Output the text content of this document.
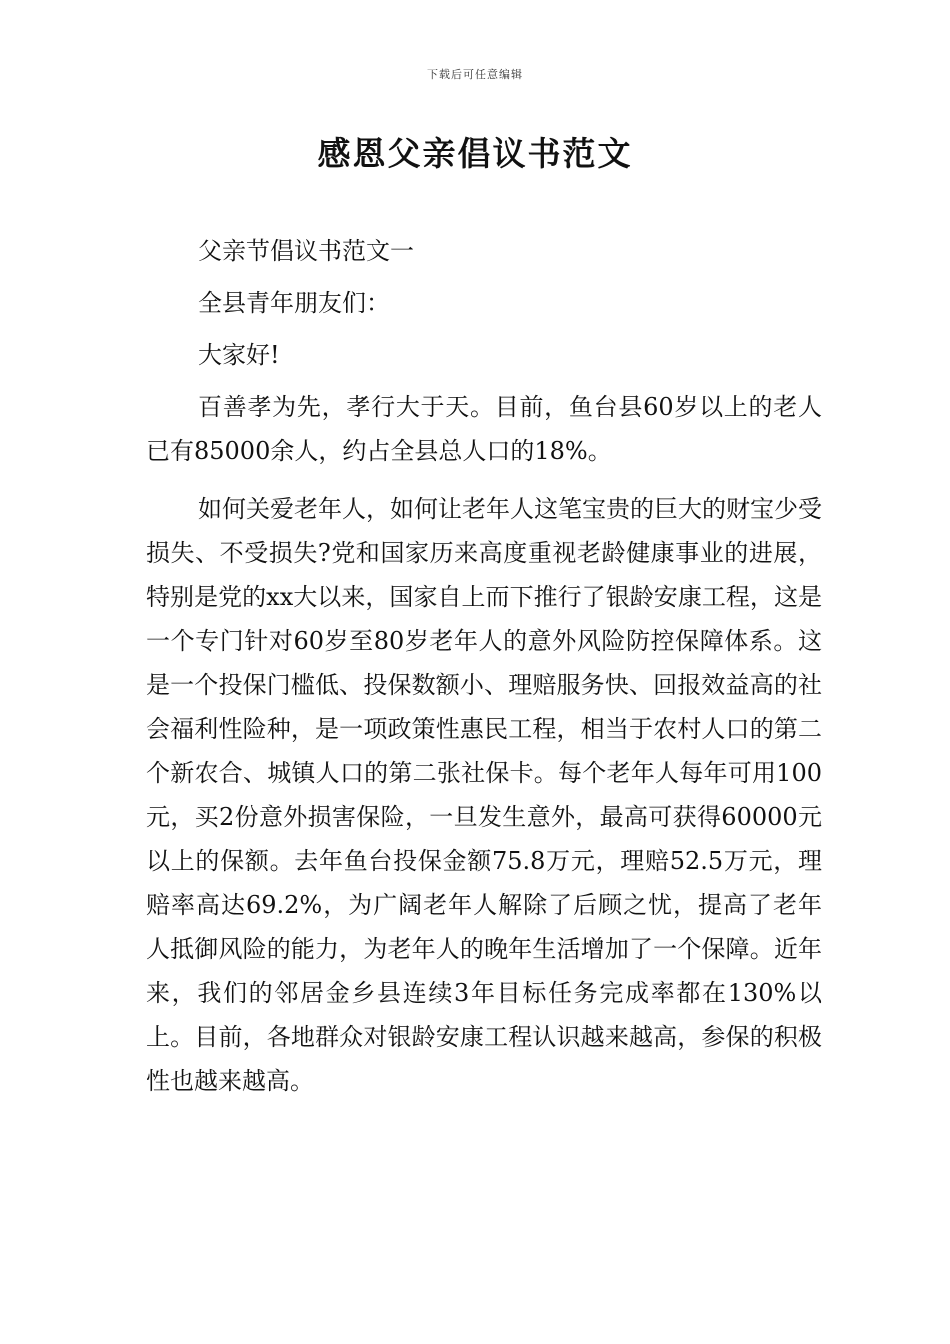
下载后可任意编辑
感恩父亲倡议书范文

父亲节倡议书范文一

全县青年朋友们：

大家好!

百善孝为先，孝行大于天。目前，鱼台县60岁以上的老人已有85000余人，约占全县总人口的18%。

如何关爱老年人，如何让老年人这笔宝贵的巨大的财宝少受损失、不受损失?党和国家历来高度重视老龄健康事业的进展，特别是党的xx大以来，国家自上而下推行了银龄安康工程，这是一个专门针对60岁至80岁老年人的意外风险防控保障体系。这是一个投保门槛低、投保数额小、理赔服务快、回报效益高的社会福利性险种，是一项政策性惠民工程，相当于农村人口的第二个新农合、城镇人口的第二张社保卡。每个老年人每年可用100元，买2份意外损害保险，一旦发生意外，最高可获得60000元以上的保额。去年鱼台投保金额75.8万元，理赔52.5万元，理赔率高达69.2%，为广阔老年人解除了后顾之忧，提高了老年人抵御风险的能力，为老年人的晚年生活增加了一个保障。近年来，我们的邻居金乡县连续3年目标任务完成率都在130%以上。目前，各地群众对银龄安康工程认识越来越高，参保的积极性也越来越高。
